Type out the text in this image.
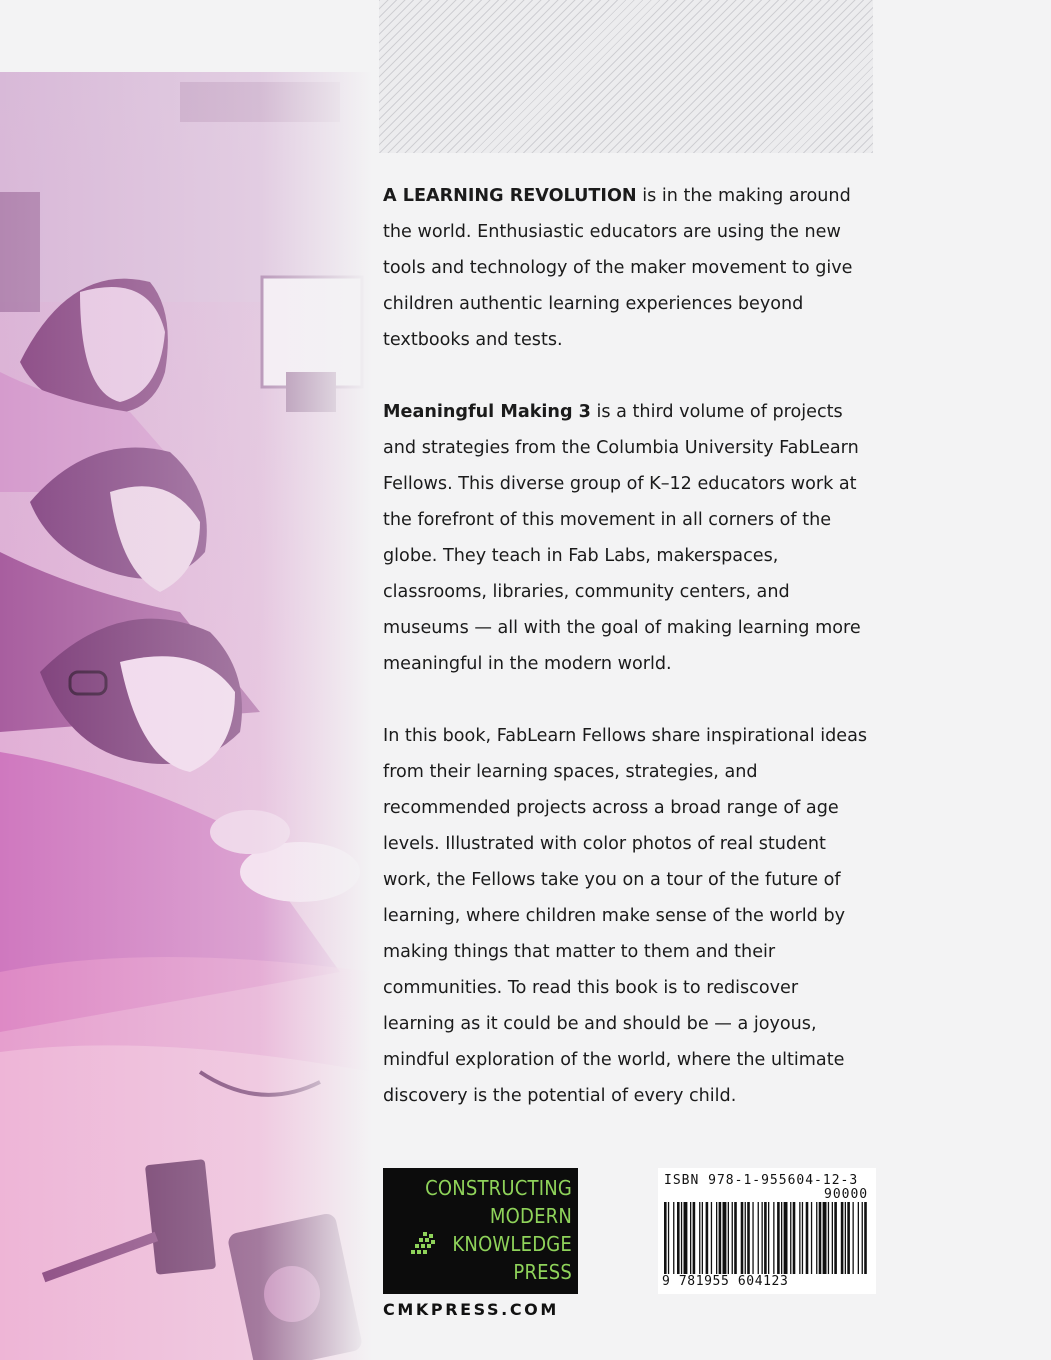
A LEARNING REVOLUTION is in the making around the world. Enthusiastic educators are using the new tools and technology of the maker movement to give children authentic learning experiences beyond textbooks and tests.

Meaningful Making 3 is a third volume of projects and strategies from the Columbia University FabLearn Fellows. This diverse group of K–12 educators work at the forefront of this movement in all corners of the globe. They teach in Fab Labs, makerspaces, classrooms, libraries, community centers, and museums — all with the goal of making learning more meaningful in the modern world.

In this book, FabLearn Fellows share inspirational ideas from their learning spaces, strategies, and recommended projects across a broad range of age levels. Illustrated with color photos of real student work, the Fellows take you on a tour of the future of learning, where children make sense of the world by making things that matter to them and their communities. To read this book is to rediscover learning as it could be and should be — a joyous, mindful exploration of the world, where the ultimate discovery is the potential of every child.

CONSTRUCTING
MODERN
KNOWLEDGE
PRESS
CMKPRESS.COM
ISBN 978-1-955604-12-3
90000
9 781955 604123
